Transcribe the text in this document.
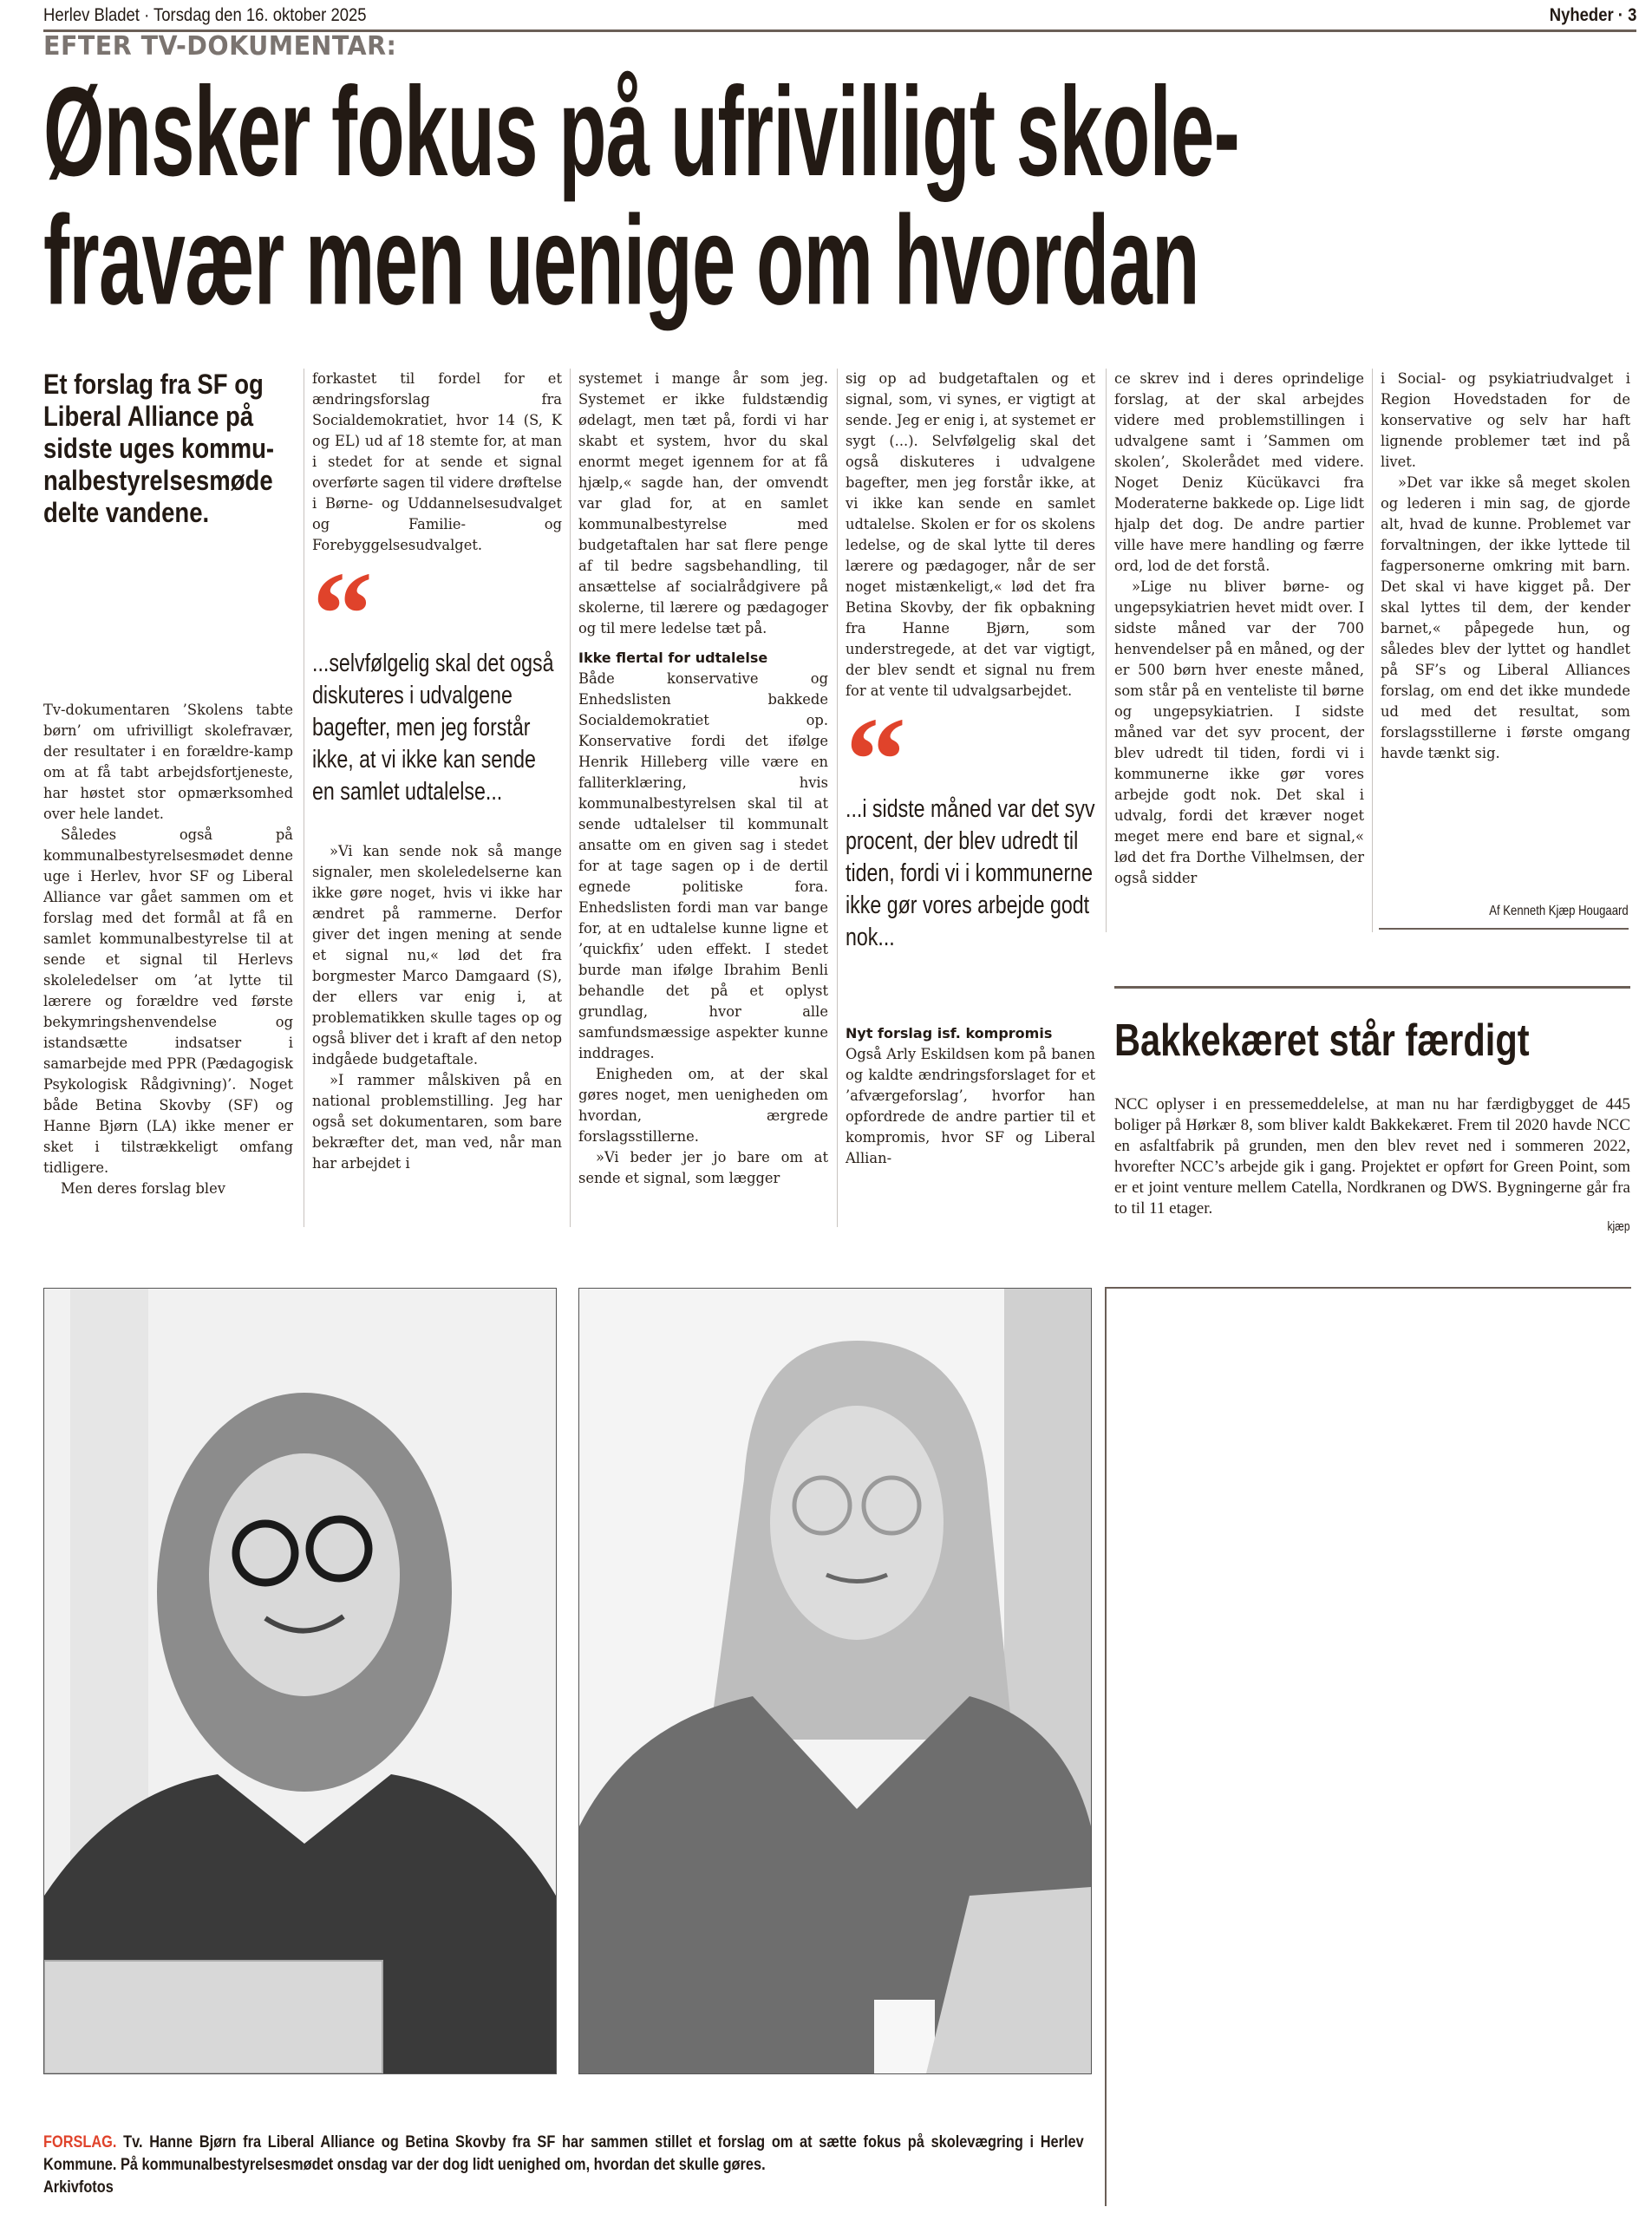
Herlev Bladet · Torsdag den 16. oktober 2025	Nyheder · 3
EFTER TV-DOKUMENTAR:
Ønsker fokus på ufrivilligt skole-
fravær men uenige om hvordan
Et forslag fra SF og
Liberal Alliance på
sidste uges kommu-
nalbestyrelsesmøde
delte vandene.

Tv-dokumentaren ’Skolens tabte børn’ om ufrivilligt skolefravær, der resultater i en forældre-kamp om at få tabt arbejdsfortjeneste, har høstet stor opmærksomhed over hele landet.

Således også på kommunalbestyrelsesmødet denne uge i Herlev, hvor SF og Liberal Alliance var gået sammen om et forslag med det formål at få en samlet kommunalbestyrelse til at sende et signal til Herlevs skoleledelser om ’at lytte til lærere og forældre ved første bekymringshenvendelse og istandsætte indsatser i samarbejde med PPR (Pædagogisk Psykologisk Rådgivning)’. Noget både Betina Skovby (SF) og Hanne Bjørn (LA) ikke mener er sket i tilstrækkeligt omfang tidligere.

Men deres forslag blev

forkastet til fordel for et ændringsforslag fra Socialdemokratiet, hvor 14 (S, K og EL) ud af 18 stemte for, at man i stedet for at sende et signal overførte sagen til videre drøftelse i Børne- og Uddannelsesudvalget og Familie- og Forebyggelsesudvalget.

“
...selvfølgelig skal det også diskuteres i udvalgene bagefter, men jeg forstår ikke, at vi ikke kan sende en samlet udtalelse...

»Vi kan sende nok så mange signaler, men skoleledelserne kan ikke gøre noget, hvis vi ikke har ændret på rammerne. Derfor giver det ingen mening at sende et signal nu,« lød det fra borgmester Marco Damgaard (S), der ellers var enig i, at problematikken skulle tages op og også bliver det i kraft af den netop indgåede budgetaftale.

»I rammer målskiven på en national problemstilling. Jeg har også set dokumentaren, som bare bekræfter det, man ved, når man har arbejdet i

systemet i mange år som jeg. Systemet er ikke fuldstændig ødelagt, men tæt på, fordi vi har skabt et system, hvor du skal enormt meget igennem for at få hjælp,« sagde han, der omvendt var glad for, at en samlet kommunalbestyrelse med budgetaftalen har sat flere penge af til bedre sagsbehandling, til ansættelse af socialrådgivere på skolerne, til lærere og pædagoger og til mere ledelse tæt på.

Ikke flertal for udtalelse

Både konservative og Enhedslisten bakkede Socialdemokratiet op. Konservative fordi det ifølge Henrik Hilleberg ville være en falliterklæring, hvis kommunalbestyrelsen skal til at sende udtalelser til kommunalt ansatte om en given sag i stedet for at tage sagen op i de dertil egnede politiske fora. Enhedslisten fordi man var bange for, at en udtalelse kunne ligne et ’quickfix’ uden effekt. I stedet burde man ifølge Ibrahim Benli behandle det på et oplyst grundlag, hvor alle samfundsmæssige aspekter kunne inddrages.

Enigheden om, at der skal gøres noget, men uenigheden om hvordan, ærgrede forslagsstillerne.

»Vi beder jer jo bare om at sende et signal, som lægger

sig op ad budgetaftalen og et signal, som, vi synes, er vigtigt at sende. Jeg er enig i, at systemet er sygt (...). Selvfølgelig skal det også diskuteres i udvalgene bagefter, men jeg forstår ikke, at vi ikke kan sende en samlet udtalelse. Skolen er for os skolens ledelse, og de skal lytte til deres lærere og pædagoger, når de ser noget mistænkeligt,« lød det fra Betina Skovby, der fik opbakning fra Hanne Bjørn, som understregede, at det var vigtigt, der blev sendt et signal nu frem for at vente til udvalgsarbejdet.

“
...i sidste måned var det syv procent, der blev udredt til tiden, fordi vi i kommunerne ikke gør vores arbejde godt nok...
Nyt forslag isf. kompromis

Også Arly Eskildsen kom på banen og kaldte ændringsforslaget for et ’afværgeforslag’, hvorfor han opfordrede de andre partier til et kompromis, hvor SF og Liberal Allian-

ce skrev ind i deres oprindelige forslag, at der skal arbejdes videre med problemstillingen i udvalgene samt i ’Sammen om skolen’, Skolerådet med videre. Noget Deniz Kücükavci fra Moderaterne bakkede op. Lige lidt hjalp det dog. De andre partier ville have mere handling og færre ord, lod de det forstå.

»Lige nu bliver børne- og ungepsykiatrien hevet midt over. I sidste måned var der 700 henvendelser på en måned, og der er 500 børn hver eneste måned, som står på en venteliste til børne og ungepsykiatrien. I sidste måned var det syv procent, der blev udredt til tiden, fordi vi i kommunerne ikke gør vores arbejde godt nok. Det skal i udvalg, fordi det kræver noget meget mere end bare et signal,« lød det fra Dorthe Vilhelmsen, der også sidder

i Social- og psykiatriudvalget i Region Hovedstaden for de konservative og selv har haft lignende problemer tæt ind på livet.

»Det var ikke så meget skolen og lederen i min sag, de gjorde alt, hvad de kunne. Problemet var forvaltningen, der ikke lyttede til fagpersonerne omkring mit barn. Det skal vi have kigget på. Der skal lyttes til dem, der kender barnet,« påpegede hun, og således blev der lyttet og handlet på SF’s og Liberal Alliances forslag, om end det ikke mundede ud med det resultat, som forslagsstillerne i første omgang havde tænkt sig.

Af Kenneth Kjæp Hougaard
Bakkekæret står færdigt
NCC oplyser i en pressemeddelelse, at man nu har færdigbygget de 445 boliger på Hørkær 8, som bliver kaldt Bakkekæret. Frem til 2020 havde NCC en asfaltfabrik på grunden, men den blev revet ned i sommeren 2022, hvorefter NCC’s arbejde gik i gang. Projektet er opført for Green Point, som er et joint venture mellem Catella, Nordkranen og DWS. Bygningerne går fra to til 11 etager.
kjæp
FORSLAG. Tv. Hanne Bjørn fra Liberal Alliance og Betina Skovby fra SF har sammen stillet et forslag om at sætte fokus på skolevægring i Herlev Kommune. På kommunalbestyrelsesmødet onsdag var der dog lidt uenighed om, hvordan det skulle gøres.
Arkivfotos
